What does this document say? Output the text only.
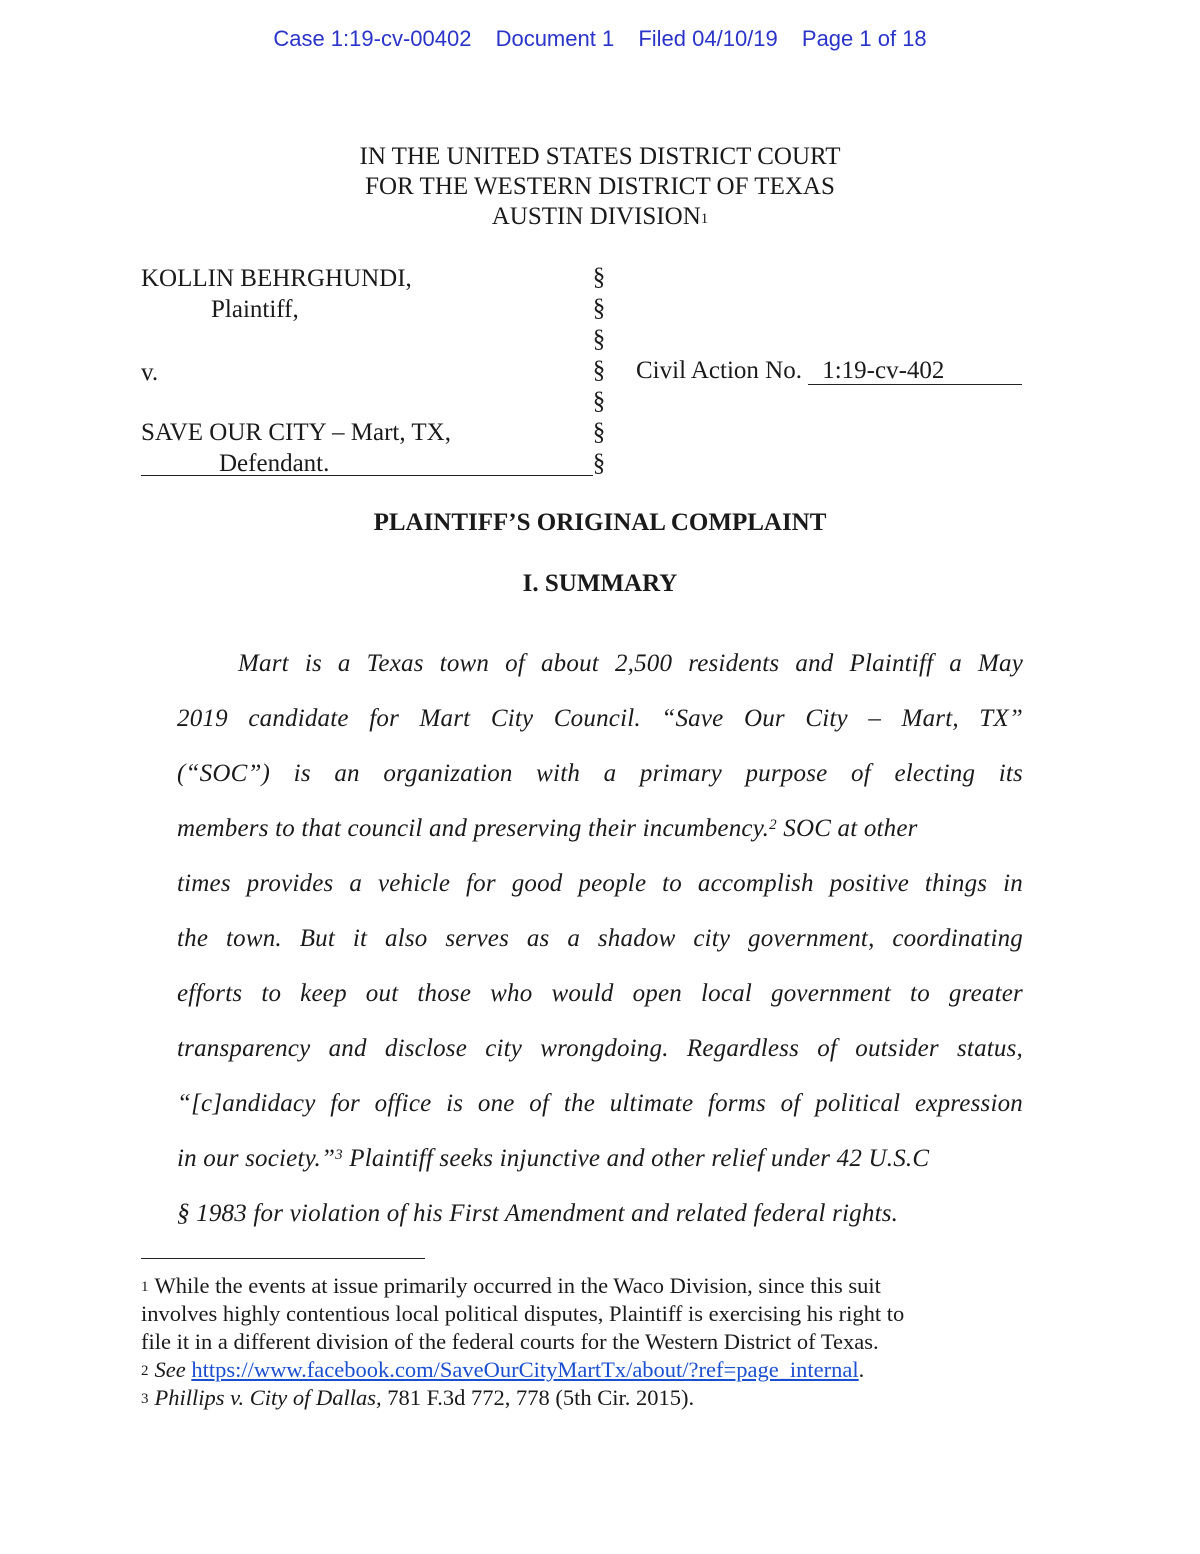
Case 1:19-cv-00402 Document 1 Filed 04/10/19 Page 1 of 18
IN THE UNITED STATES DISTRICT COURT
FOR THE WESTERN DISTRICT OF TEXAS
AUSTIN DIVISION$^1$
KOLLIN BEHRGHUNDI,
Plaintiff,
v.
SAVE OUR CITY – Mart, TX,
Defendant.
§
§
§
§
§
§
§
Civil Action No. 1:19-cv-402
PLAINTIFF’S ORIGINAL COMPLAINT
I. SUMMARY
Mart is a Texas town of about 2,500 residents and Plaintiff a May
2019 candidate for Mart City Council. “Save Our City – Mart, TX”
(“SOC”) is an organization with a primary purpose of electing its
members to that council and preserving their incumbency.$^2$ SOC at other
times provides a vehicle for good people to accomplish positive things in
the town. But it also serves as a shadow city government, coordinating
efforts to keep out those who would open local government to greater
transparency and disclose city wrongdoing. Regardless of outsider status,
“[c]andidacy for office is one of the ultimate forms of political expression
in our society.”$^3$ Plaintiff seeks injunctive and other relief under 42 U.S.C
§ 1983 for violation of his First Amendment and related federal rights.
$^1$ While the events at issue primarily occurred in the Waco Division, since this suit
involves highly contentious local political disputes, Plaintiff is exercising his right to
file it in a different division of the federal courts for the Western District of Texas.
$^2$ See https://www.facebook.com/SaveOurCityMartTx/about/?ref=page_internal.
$^3$ Phillips v. City of Dallas, 781 F.3d 772, 778 (5th Cir. 2015).
